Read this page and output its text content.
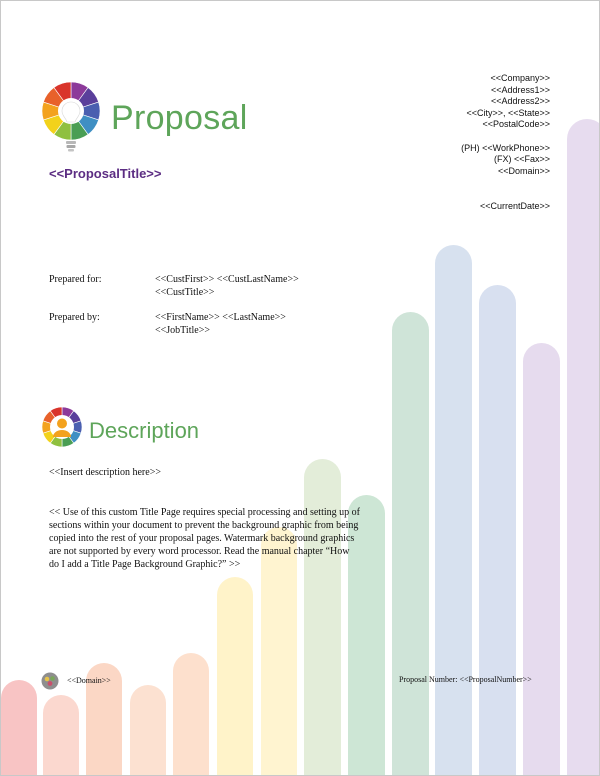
Proposal
<<ProposalTitle>>
<<Company>>
<<Address1>>
<<Address2>>
<<City>>, <<State>>
<<PostalCode>>
(PH) <<WorkPhone>>
(FX) <<Fax>>
<<Domain>>
<<CurrentDate>>
Prepared for:	<<CustFirst>> <<CustLastName>>
<<CustTitle>>
Prepared by:	<<FirstName>> <<LastName>>
<<JobTitle>>
Description
<<Insert description here>>

<< Use of this custom Title Page requires special processing and setting up of sections within your document to prevent the background graphic from being copied into the rest of your proposal pages. Watermark background graphics are not supported by every word processor. Read the manual chapter “How do I add a Title Page Background Graphic?” >>

<<Domain>>	Proposal Number: <<ProposalNumber>>
